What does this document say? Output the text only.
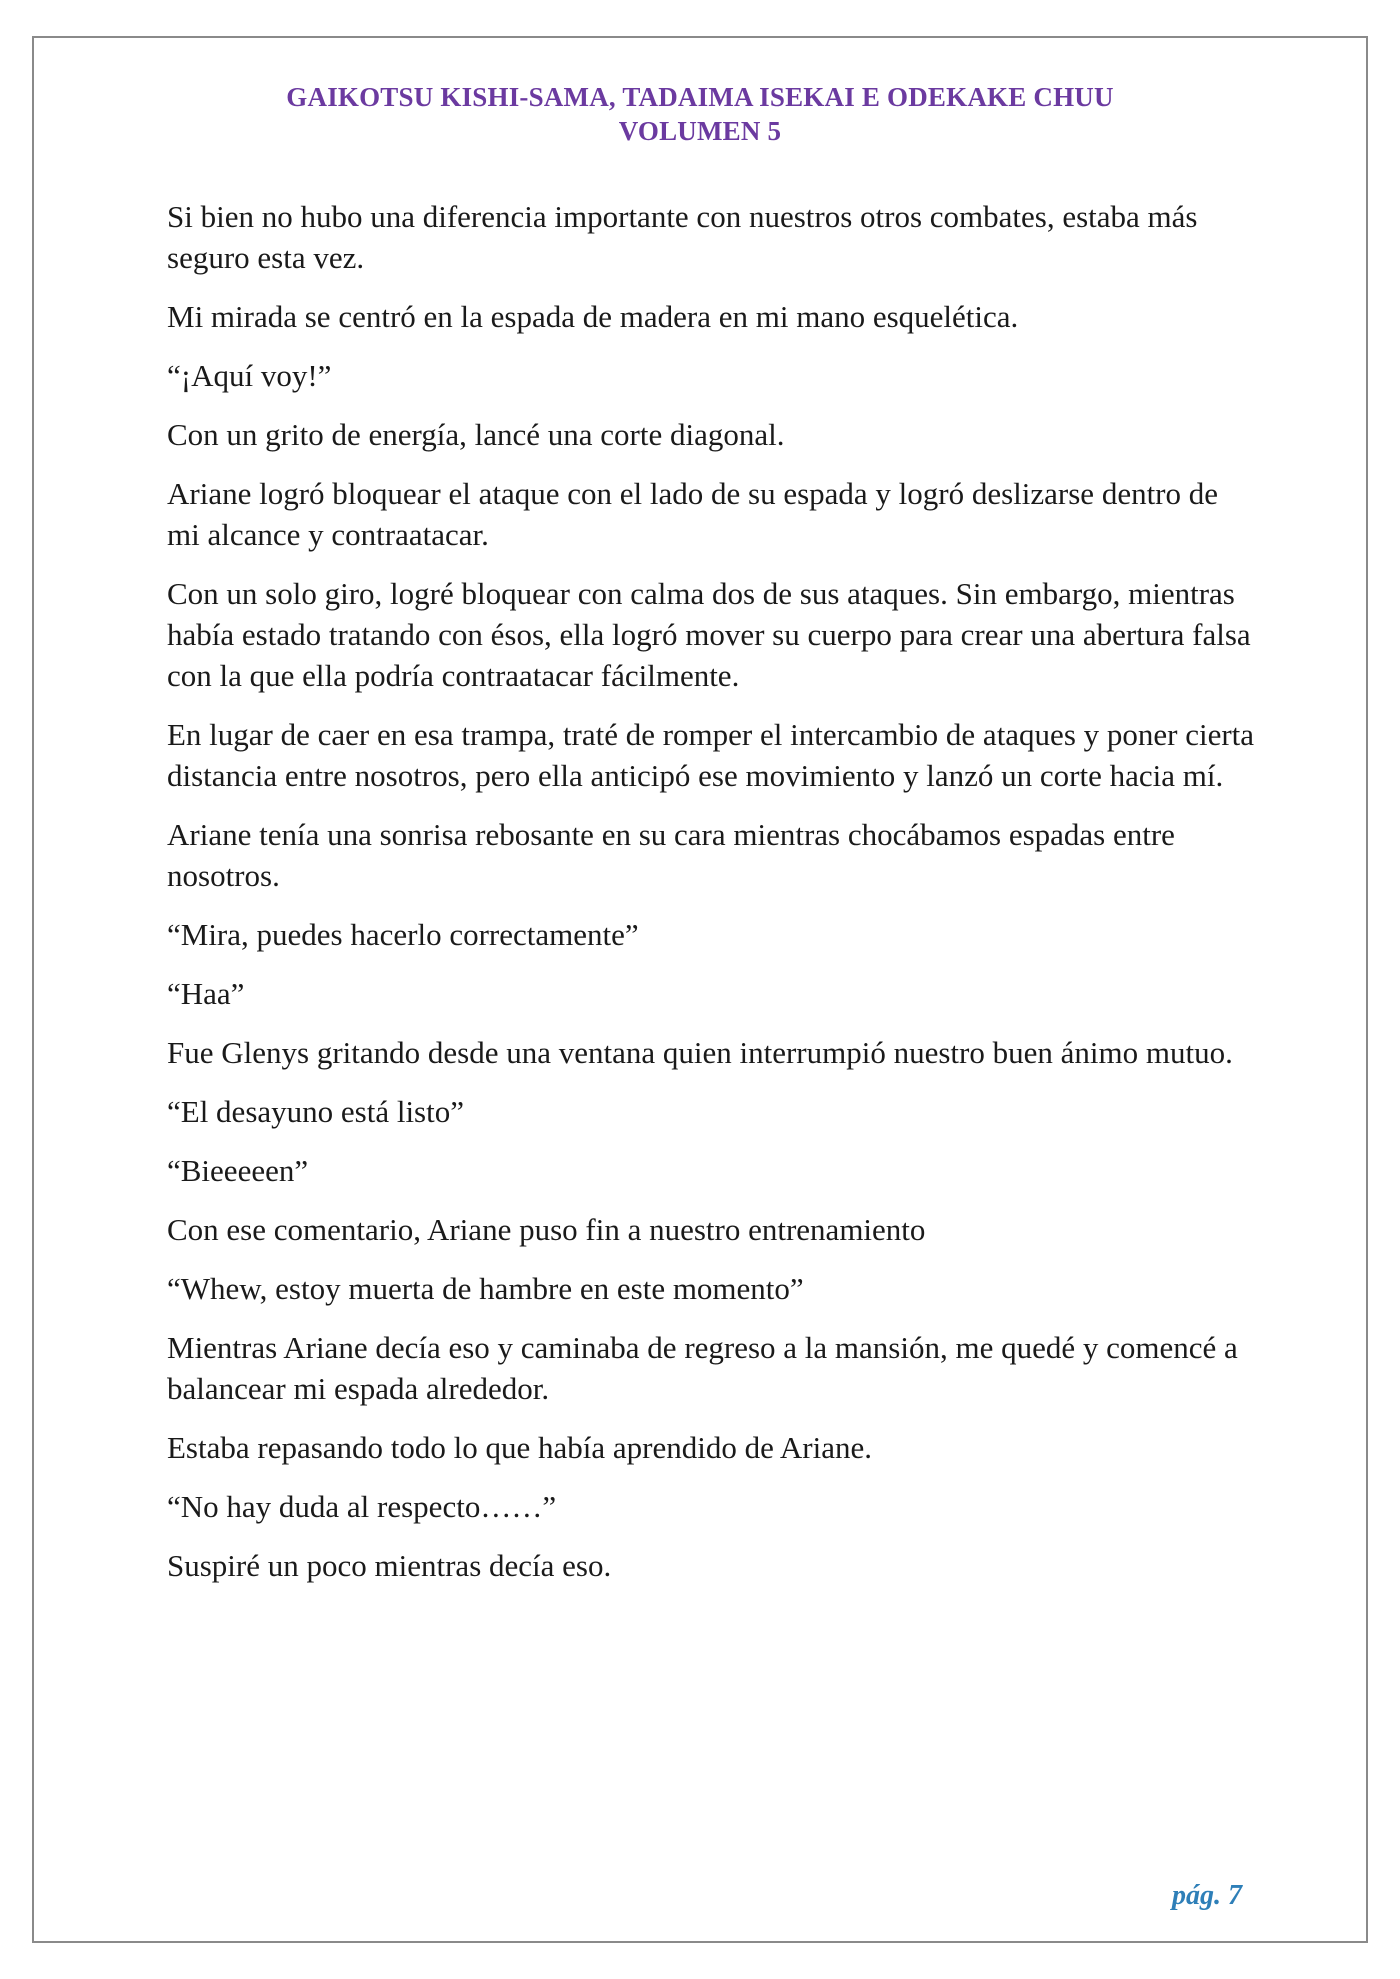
GAIKOTSU KISHI-SAMA, TADAIMA ISEKAI E ODEKAKE CHUU
VOLUMEN 5

Si bien no hubo una diferencia importante con nuestros otros combates, estaba más seguro esta vez.

Mi mirada se centró en la espada de madera en mi mano esquelética.

“¡Aquí voy!”

Con un grito de energía, lancé una corte diagonal.

Ariane logró bloquear el ataque con el lado de su espada y logró deslizarse dentro de mi alcance y contraatacar.

Con un solo giro, logré bloquear con calma dos de sus ataques. Sin embargo, mientras había estado tratando con ésos, ella logró mover su cuerpo para crear una abertura falsa con la que ella podría contraatacar fácilmente.

En lugar de caer en esa trampa, traté de romper el intercambio de ataques y poner cierta distancia entre nosotros, pero ella anticipó ese movimiento y lanzó un corte hacia mí.

Ariane tenía una sonrisa rebosante en su cara mientras chocábamos espadas entre nosotros.

“Mira, puedes hacerlo correctamente”

“Haa”

Fue Glenys gritando desde una ventana quien interrumpió nuestro buen ánimo mutuo.

“El desayuno está listo”

“Bieeeeen”

Con ese comentario, Ariane puso fin a nuestro entrenamiento

“Whew, estoy muerta de hambre en este momento”

Mientras Ariane decía eso y caminaba de regreso a la mansión, me quedé y comencé a balancear mi espada alrededor.

Estaba repasando todo lo que había aprendido de Ariane.

“No hay duda al respecto……”

Suspiré un poco mientras decía eso.

pág. 7
